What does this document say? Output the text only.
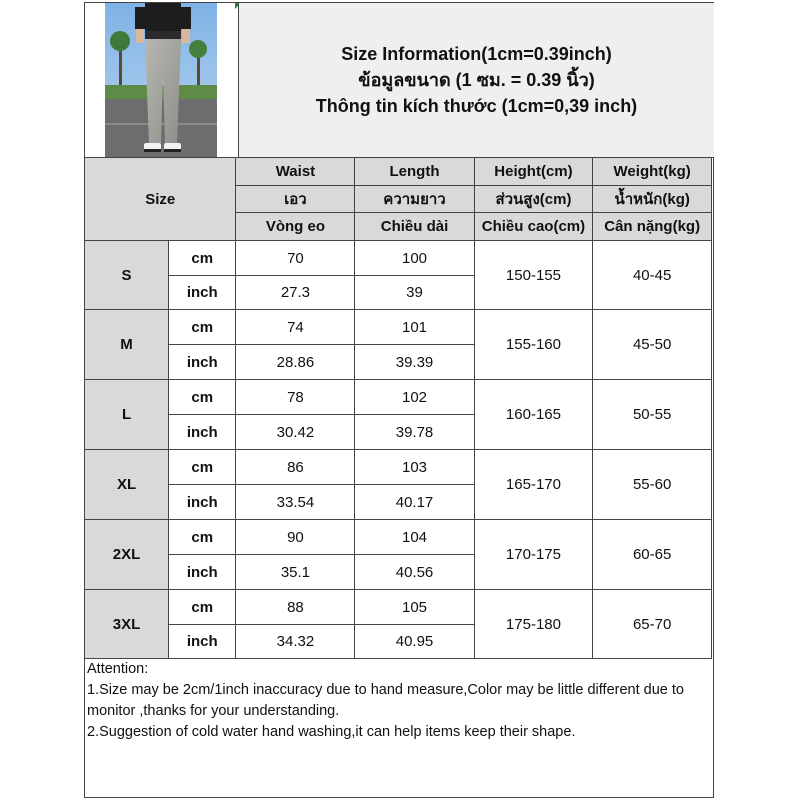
Size Information(1cm=0.39inch)
ข้อมูลขนาด (1 ซม. = 0.39 นิ้ว)
Thông tin kích thước (1cm=0,39 inch)
Size		Waist	Length	Height(cm)	Weight(kg)
		เอว	ความยาว	ส่วนสูง(cm)	น้ำหนัก(kg)
		Vòng eo	Chiều dài	Chiều cao(cm)	Cân nặng(kg)
S	cm	70	100	150-155	40-45
	inch	27.3	39		
M	cm	74	101	155-160	45-50
	inch	28.86	39.39		
L	cm	78	102	160-165	50-55
	inch	30.42	39.78		
XL	cm	86	103	165-170	55-60
	inch	33.54	40.17		
2XL	cm	90	104	170-175	60-65
	inch	35.1	40.56		
3XL	cm	88	105	175-180	65-70
	inch	34.32	40.95		

Attention:

1.Size may be 2cm/1inch inaccuracy due to hand measure,Color may be little different due to monitor ,thanks for your understanding.

2.Suggestion of cold water hand washing,it can help items keep their shape.
